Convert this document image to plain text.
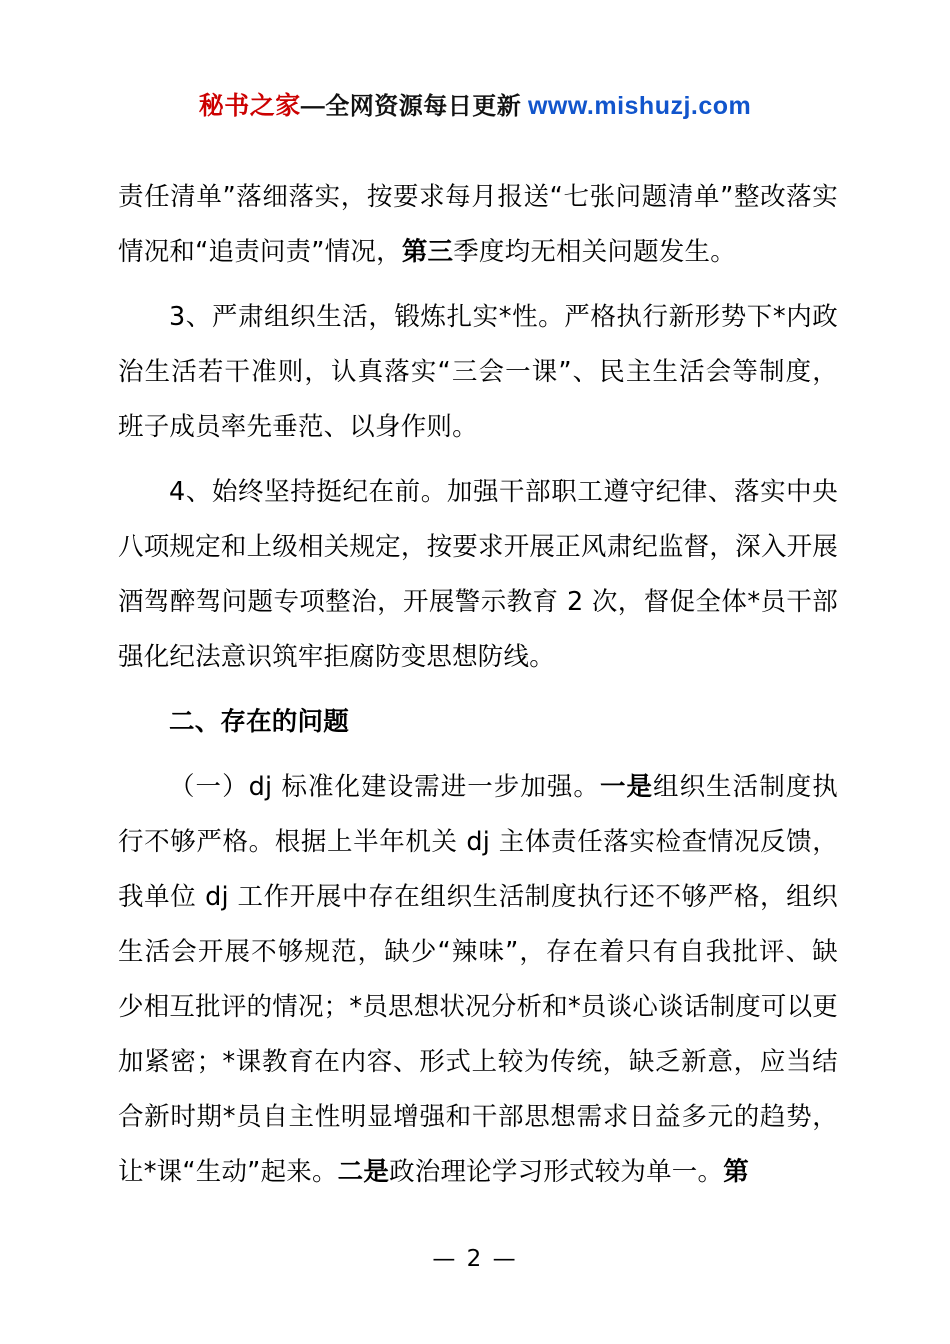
秘书之家—全网资源每日更新 www.mishuzj.com

责任清单”落细落实，按要求每月报送“七张问题清单”整改落实情况和“追责问责”情况，第三季度均无相关问题发生。

3、严肃组织生活，锻炼扎实*性。严格执行新形势下*内政治生活若干准则，认真落实“三会一课”、民主生活会等制度，班子成员率先垂范、以身作则。

4、始终坚持挺纪在前。加强干部职工遵守纪律、落实中央八项规定和上级相关规定，按要求开展正风肃纪监督，深入开展酒驾醉驾问题专项整治，开展警示教育 2 次，督促全体*员干部强化纪法意识筑牢拒腐防变思想防线。

二、存在的问题

（一）dj 标准化建设需进一步加强。一是组织生活制度执行不够严格。根据上半年机关 dj 主体责任落实检查情况反馈，我单位 dj 工作开展中存在组织生活制度执行还不够严格，组织生活会开展不够规范，缺少“辣味”，存在着只有自我批评、缺少相互批评的情况；*员思想状况分析和*员谈心谈话制度可以更加紧密；*课教育在内容、形式上较为传统，缺乏新意，应当结合新时期*员自主性明显增强和干部思想需求日益多元的趋势，让*课“生动”起来。二是政治理论学习形式较为单一。第

— 2 —
